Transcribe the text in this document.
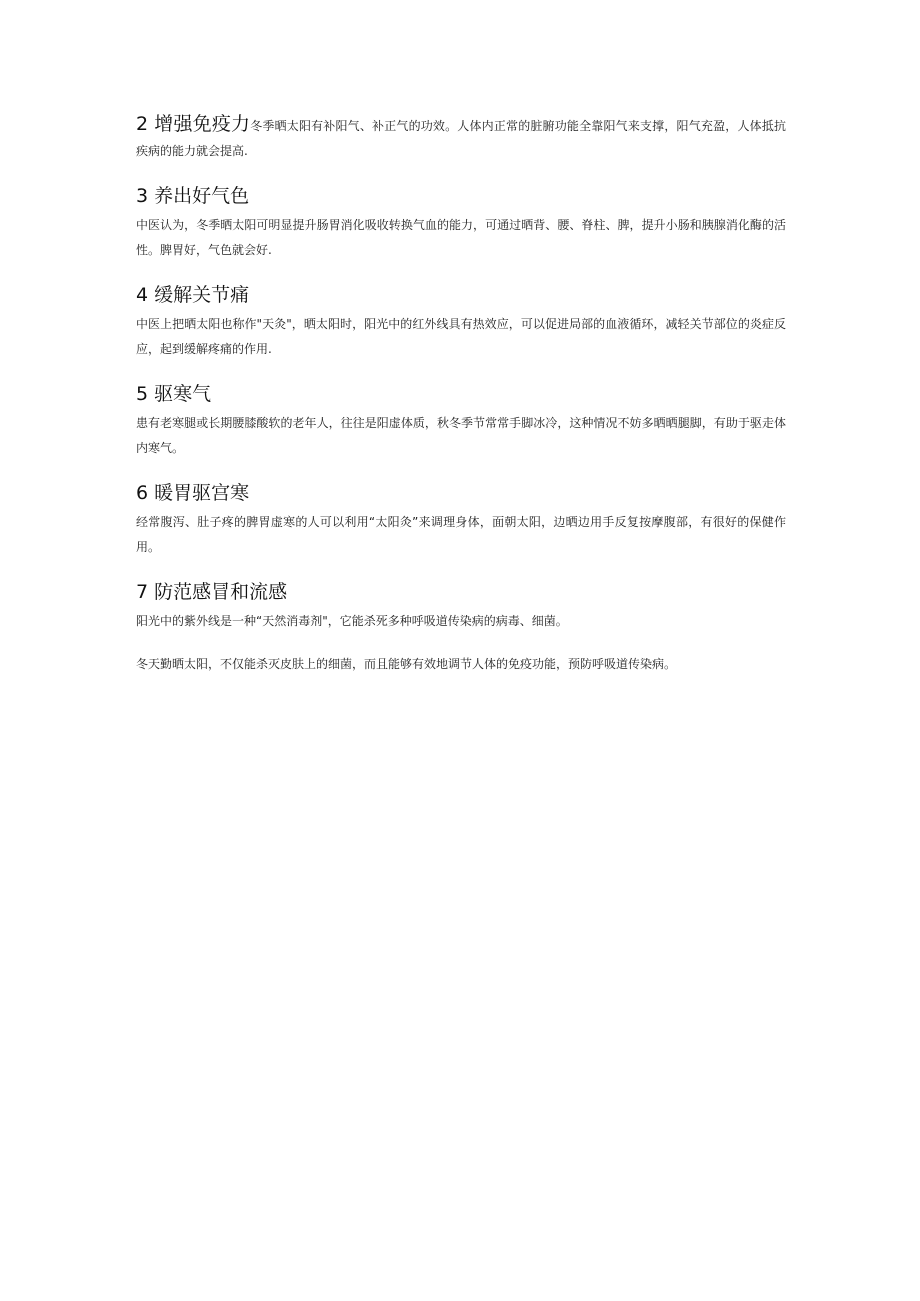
2 增强免疫力冬季晒太阳有补阳气、补正气的功效。人体内正常的脏腑功能全靠阳气来支撑，阳气充盈，人体抵抗疾病的能力就会提高.

3 养出好气色

中医认为，冬季晒太阳可明显提升肠胃消化吸收转换气血的能力，可通过晒背、腰、脊柱、脾，提升小肠和胰腺消化酶的活性。脾胃好，气色就会好.

4 缓解关节痛

中医上把晒太阳也称作"天灸"，晒太阳时，阳光中的红外线具有热效应，可以促进局部的血液循环，减轻关节部位的炎症反应，起到缓解疼痛的作用.

5 驱寒气

患有老寒腿或长期腰膝酸软的老年人，往往是阳虚体质，秋冬季节常常手脚冰冷，这种情况不妨多晒晒腿脚，有助于驱走体内寒气。

6 暖胃驱宫寒

经常腹泻、肚子疼的脾胃虚寒的人可以利用“太阳灸”来调理身体，面朝太阳，边晒边用手反复按摩腹部，有很好的保健作用。

7 防范感冒和流感

阳光中的紫外线是一种“天然消毒剂"，它能杀死多种呼吸道传染病的病毒、细菌。

冬天勤晒太阳，不仅能杀灭皮肤上的细菌，而且能够有效地调节人体的免疫功能，预防呼吸道传染病。
